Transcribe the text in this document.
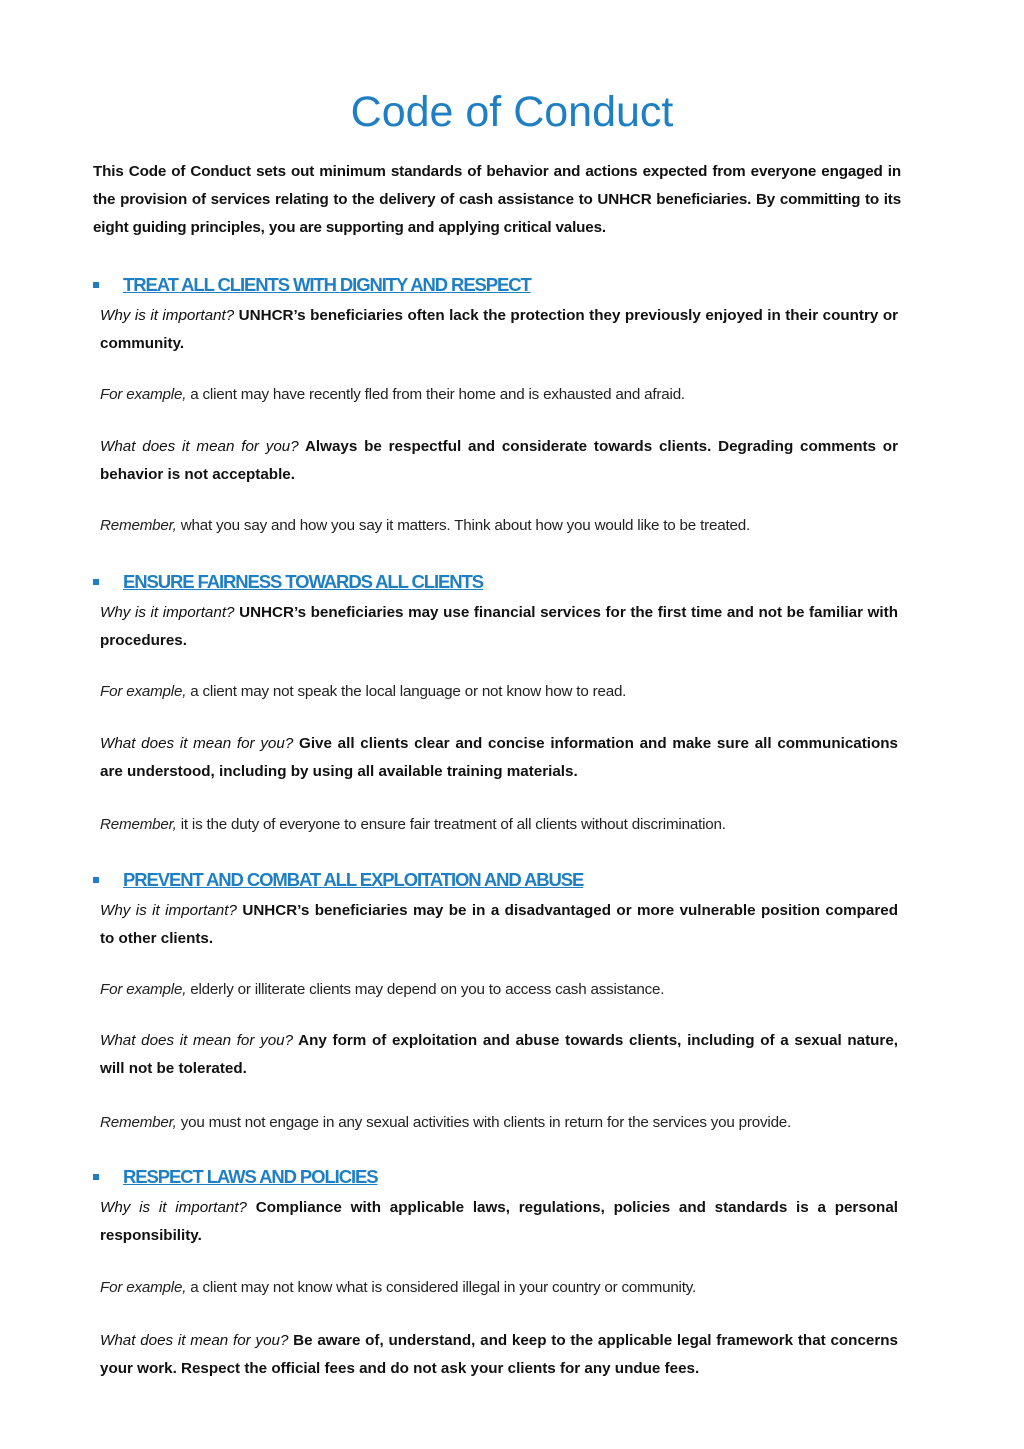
Code of Conduct

This Code of Conduct sets out minimum standards of behavior and actions expected from everyone engaged in the provision of services relating to the delivery of cash assistance to UNHCR beneficiaries. By committing to its eight guiding principles, you are supporting and applying critical values.

TREAT ALL CLIENTS WITH DIGNITY AND RESPECT

Why is it important? UNHCR’s beneficiaries often lack the protection they previously enjoyed in their country or community.

For example, a client may have recently fled from their home and is exhausted and afraid.

What does it mean for you? Always be respectful and considerate towards clients. Degrading comments or behavior is not acceptable.

Remember, what you say and how you say it matters. Think about how you would like to be treated.

ENSURE FAIRNESS TOWARDS ALL CLIENTS

Why is it important? UNHCR’s beneficiaries may use financial services for the first time and not be familiar with procedures.

For example, a client may not speak the local language or not know how to read.

What does it mean for you? Give all clients clear and concise information and make sure all communications are understood, including by using all available training materials.

Remember, it is the duty of everyone to ensure fair treatment of all clients without discrimination.

PREVENT AND COMBAT ALL EXPLOITATION AND ABUSE

Why is it important? UNHCR’s beneficiaries may be in a disadvantaged or more vulnerable position compared to other clients.

For example, elderly or illiterate clients may depend on you to access cash assistance.

What does it mean for you? Any form of exploitation and abuse towards clients, including of a sexual nature, will not be tolerated.

Remember, you must not engage in any sexual activities with clients in return for the services you provide.

RESPECT LAWS AND POLICIES

Why is it important? Compliance with applicable laws, regulations, policies and standards is a personal responsibility.

For example, a client may not know what is considered illegal in your country or community.

What does it mean for you? Be aware of, understand, and keep to the applicable legal framework that concerns your work. Respect the official fees and do not ask your clients for any undue fees.
